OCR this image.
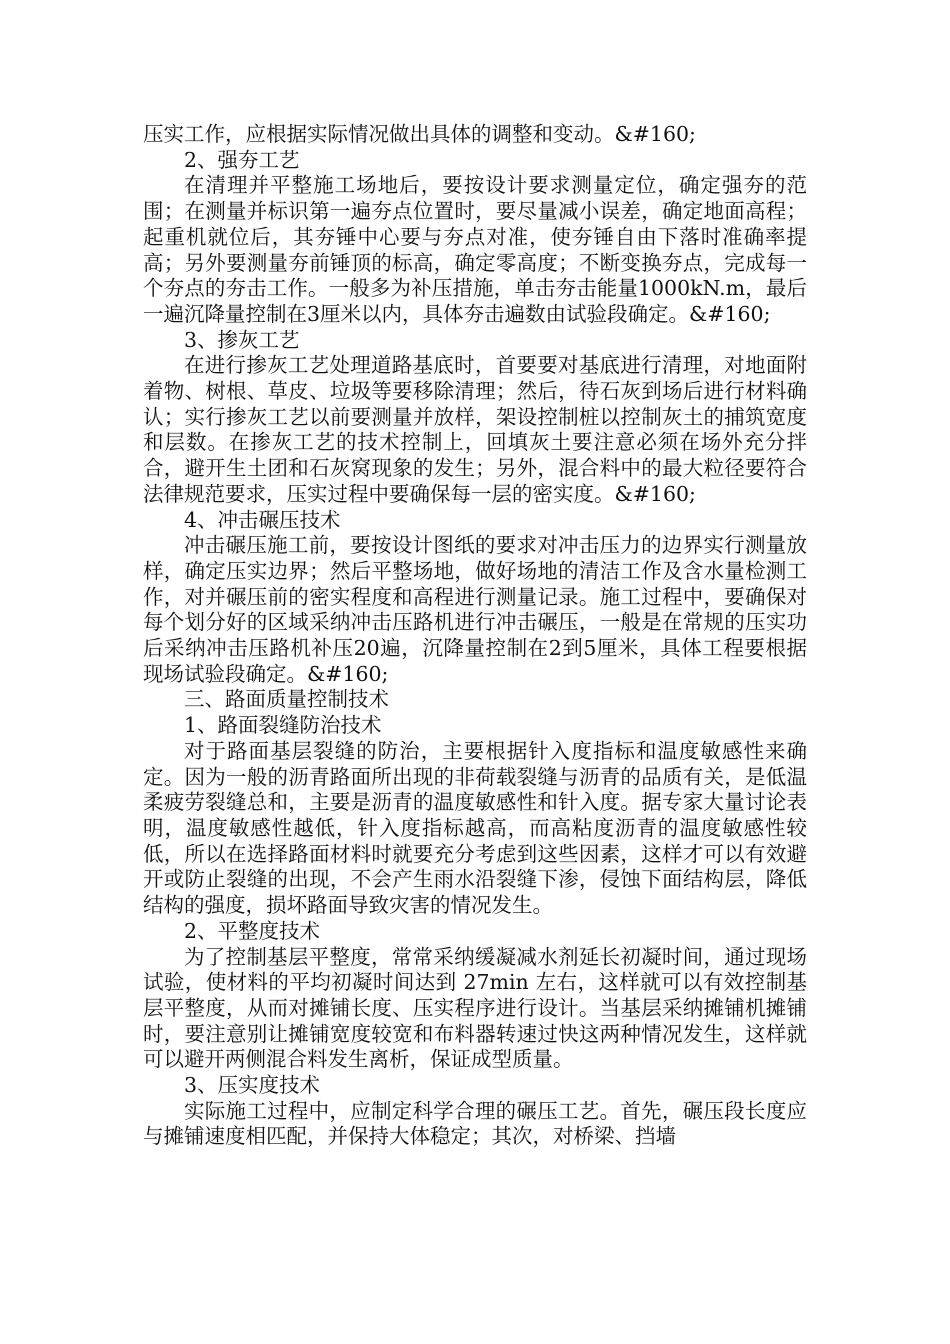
压实工作，应根据实际情况做出具体的调整和变动。&#160;

2、强夯工艺

在清理并平整施工场地后，要按设计要求测量定位，确定强夯的范围；在测量并标识第一遍夯点位置时，要尽量减小误差，确定地面高程；起重机就位后，其夯锤中心要与夯点对准，使夯锤自由下落时准确率提高；另外要测量夯前锤顶的标高，确定零高度；不断变换夯点，完成每一个夯点的夯击工作。一般多为补压措施，单击夯击能量1000kN.m，最后一遍沉降量控制在3厘米以内，具体夯击遍数由试验段确定。&#160;

3、掺灰工艺

在进行掺灰工艺处理道路基底时，首要要对基底进行清理，对地面附着物、树根、草皮、垃圾等要移除清理；然后，待石灰到场后进行材料确认；实行掺灰工艺以前要测量并放样，架设控制桩以控制灰土的捕筑宽度和层数。在掺灰工艺的技术控制上，回填灰土要注意必须在场外充分拌合，避开生土团和石灰窝现象的发生；另外，混合料中的最大粒径要符合法律规范要求，压实过程中要确保每一层的密实度。&#160;

4、冲击碾压技术

冲击碾压施工前，要按设计图纸的要求对冲击压力的边界实行测量放样，确定压实边界；然后平整场地，做好场地的清洁工作及含水量检测工作，对并碾压前的密实程度和高程进行测量记录。施工过程中，要确保对每个划分好的区域采纳冲击压路机进行冲击碾压，一般是在常规的压实功后采纳冲击压路机补压20遍，沉降量控制在2到5厘米，具体工程要根据现场试验段确定。&#160;

三、路面质量控制技术

1、路面裂缝防治技术

对于路面基层裂缝的防治，主要根据针入度指标和温度敏感性来确定。因为一般的沥青路面所出现的非荷载裂缝与沥青的品质有关，是低温柔疲劳裂缝总和，主要是沥青的温度敏感性和针入度。据专家大量讨论表明，温度敏感性越低，针入度指标越高，而高粘度沥青的温度敏感性较低，所以在选择路面材料时就要充分考虑到这些因素，这样才可以有效避开或防止裂缝的出现，不会产生雨水沿裂缝下渗，侵蚀下面结构层，降低结构的强度，损坏路面导致灾害的情况发生。

2、平整度技术

为了控制基层平整度，常常采纳缓凝减水剂延长初凝时间，通过现场试验，使材料的平均初凝时间达到 27min 左右，这样就可以有效控制基层平整度，从而对摊铺长度、压实程序进行设计。当基层采纳摊铺机摊铺时，要注意别让摊铺宽度较宽和布料器转速过快这两种情况发生，这样就可以避开两侧混合料发生离析，保证成型质量。

3、压实度技术

实际施工过程中，应制定科学合理的碾压工艺。首先，碾压段长度应与摊铺速度相匹配，并保持大体稳定；其次，对桥梁、挡墙
